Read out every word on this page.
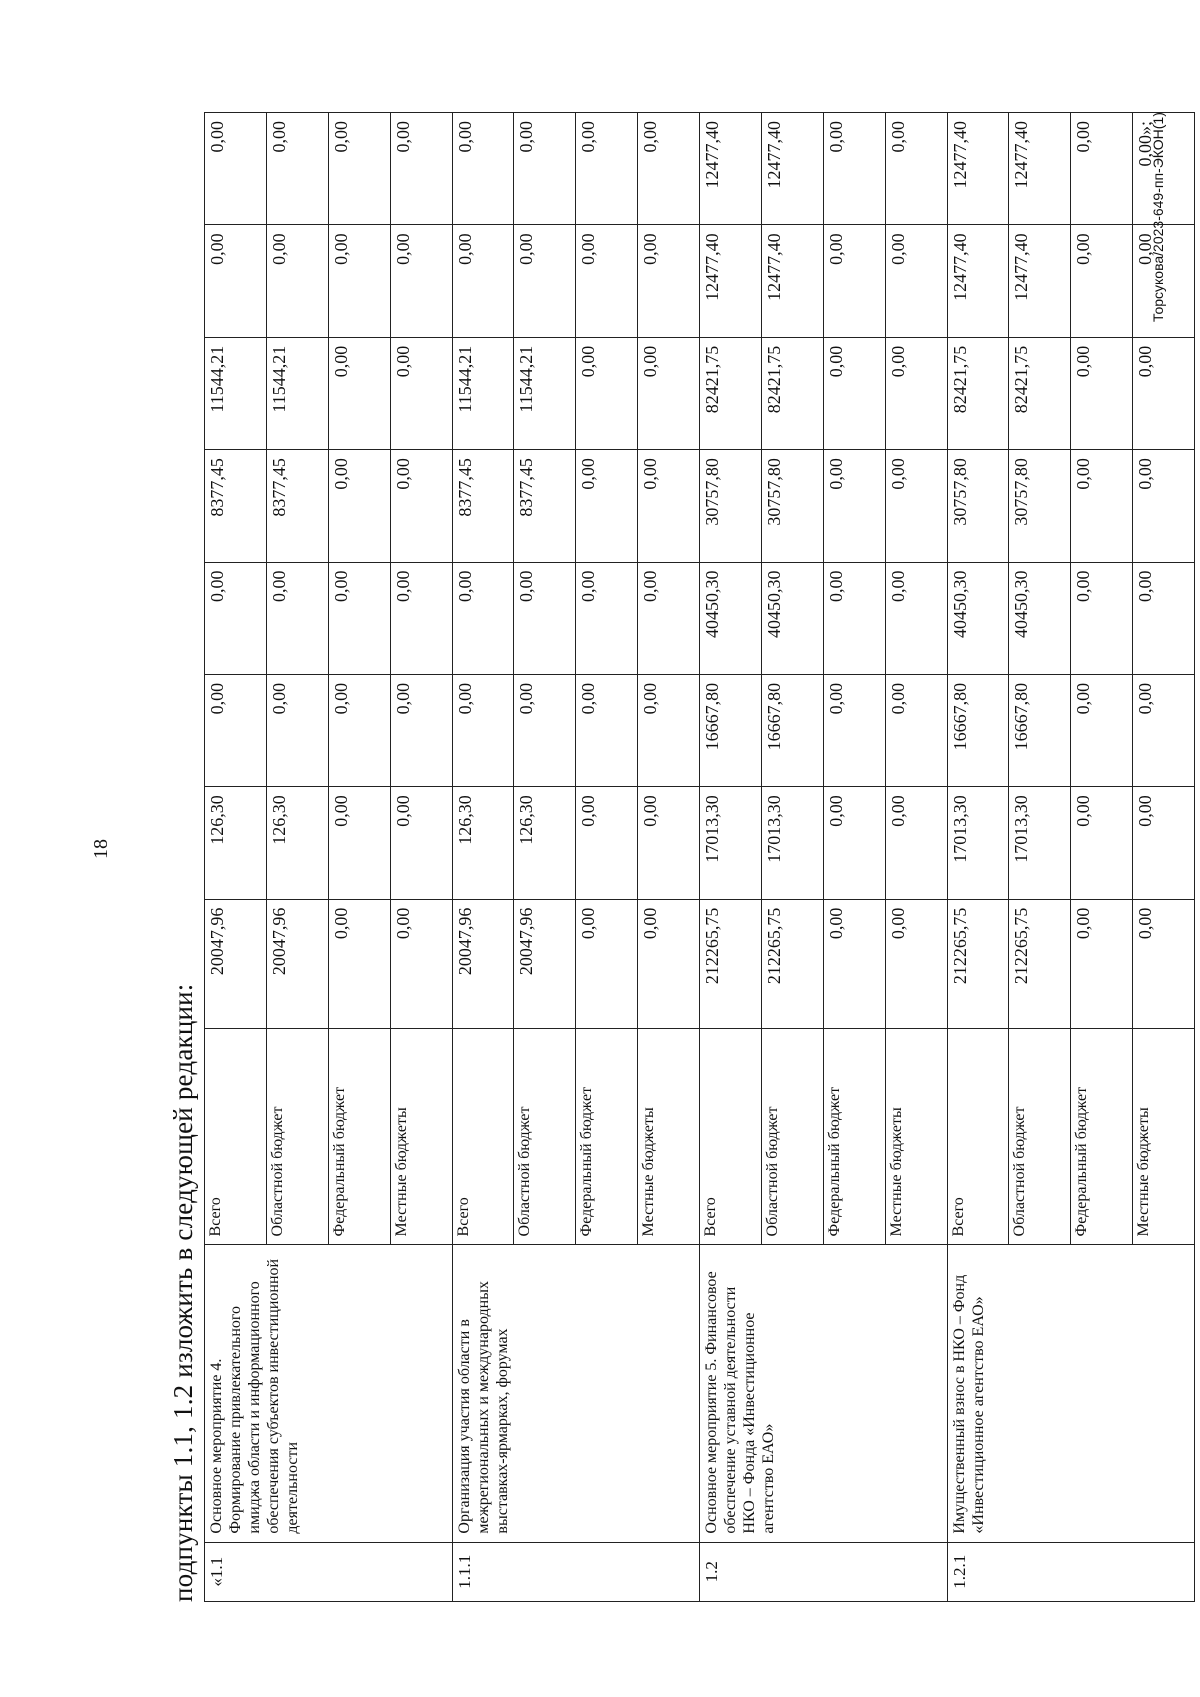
18
подпункты 1.1, 1.2 изложить в следующей редакции: «1.1	Основное мероприятие 4. Формирование привлекательного имиджа области и информационного обеспечения субъектов инвестиционной деятельности	Всего	20047,96	126,30	0,00	0,00	8377,45	11544,21	0,00	0,00
		Областной бюджет	20047,96	126,30	0,00	0,00	8377,45	11544,21	0,00	0,00
		Федеральный бюджет	0,00	0,00	0,00	0,00	0,00	0,00	0,00	0,00
		Местные бюджеты	0,00	0,00	0,00	0,00	0,00	0,00	0,00	0,00
1.1.1	Организация участия области в межрегиональных и международных выставках-ярмарках, форумах	Всего	20047,96	126,30	0,00	0,00	8377,45	11544,21	0,00	0,00
		Областной бюджет	20047,96	126,30	0,00	0,00	8377,45	11544,21	0,00	0,00
		Федеральный бюджет	0,00	0,00	0,00	0,00	0,00	0,00	0,00	0,00
		Местные бюджеты	0,00	0,00	0,00	0,00	0,00	0,00	0,00	0,00
1.2	Основное мероприятие 5. Финансовое обеспечение уставной деятельности НКО – Фонда «Инвестиционное агентство ЕАО»	Всего	212265,75	17013,30	16667,80	40450,30	30757,80	82421,75	12477,40	12477,40
		Областной бюджет	212265,75	17013,30	16667,80	40450,30	30757,80	82421,75	12477,40	12477,40
		Федеральный бюджет	0,00	0,00	0,00	0,00	0,00	0,00	0,00	0,00
		Местные бюджеты	0,00	0,00	0,00	0,00	0,00	0,00	0,00	0,00
1.2.1	Имущественный взнос в НКО – Фонд «Инвестиционное агентство ЕАО»	Всего	212265,75	17013,30	16667,80	40450,30	30757,80	82421,75	12477,40	12477,40
		Областной бюджет	212265,75	17013,30	16667,80	40450,30	30757,80	82421,75	12477,40	12477,40
		Федеральный бюджет	0,00	0,00	0,00	0,00	0,00	0,00	0,00	0,00
		Местные бюджеты	0,00	0,00	0,00	0,00	0,00	0,00	0,00	0,00»;
Торсукова/2023-649-пп-ЭКОН(1)
